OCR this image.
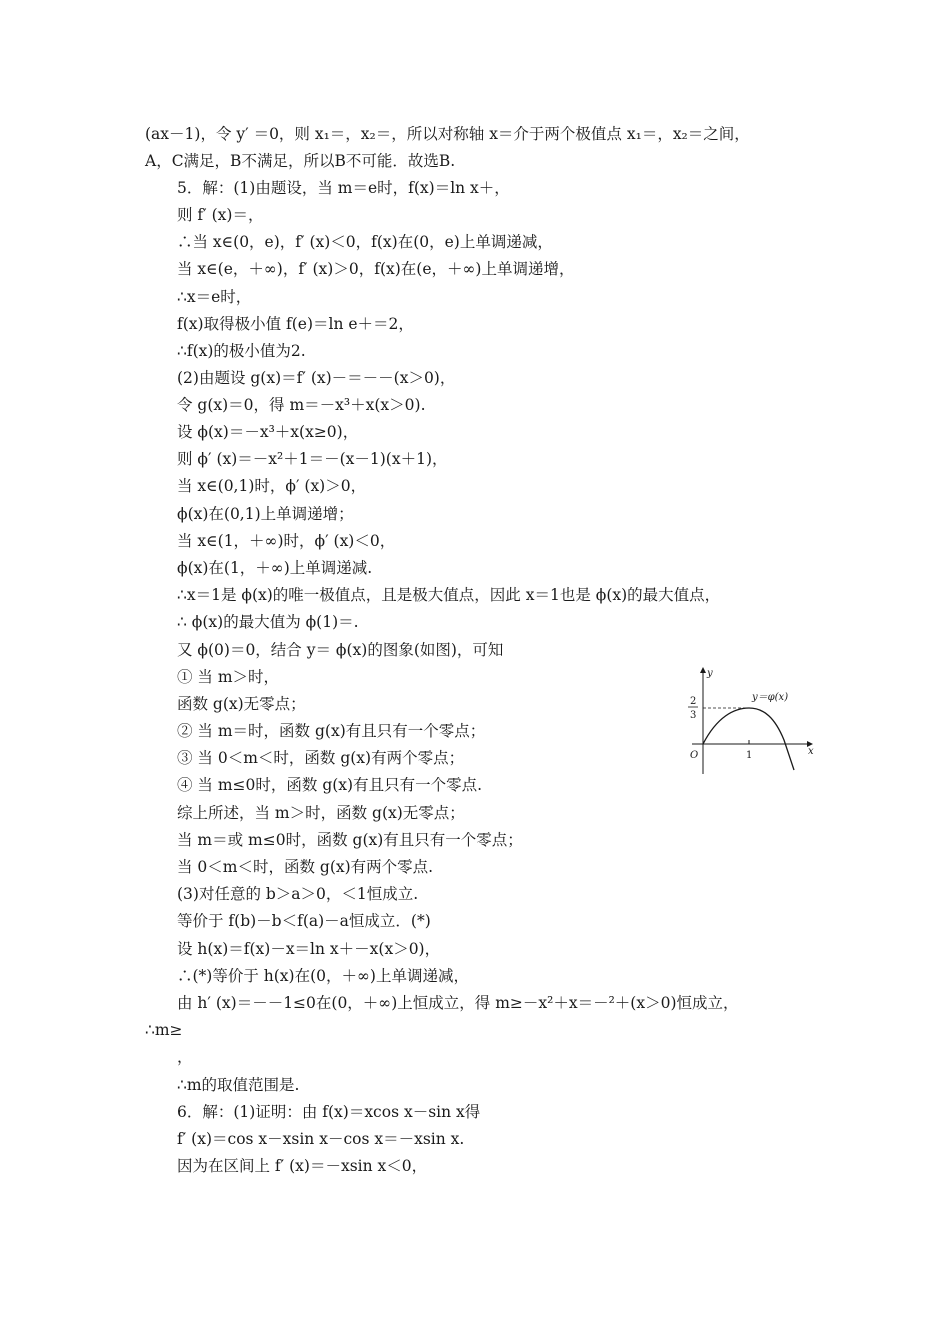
(ax－1)，令 y′ ＝0，则 x₁＝，x₂＝，所以对称轴 x＝介于两个极值点 x₁＝，x₂＝之间，
A，C满足，B不满足，所以B不可能．故选B.
5．解：(1)由题设，当 m＝e时，f(x)＝ln x＋，
则 f′ (x)＝，
∴当 x∈(0，e)，f′ (x)＜0，f(x)在(0，e)上单调递减，
当 x∈(e，＋∞)，f′ (x)＞0，f(x)在(e，＋∞)上单调递增，
∴x＝e时，
f(x)取得极小值 f(e)＝ln e＋＝2，
∴f(x)的极小值为2.
(2)由题设 g(x)＝f′ (x)－＝－－(x＞0)，
令 g(x)＝0，得 m＝－x³＋x(x＞0).
设 ϕ(x)＝－x³＋x(x≥0)，
则 ϕ′ (x)＝－x²＋1＝－(x－1)(x＋1)，
当 x∈(0,1)时，ϕ′ (x)＞0，
ϕ(x)在(0,1)上单调递增；
当 x∈(1，＋∞)时，ϕ′ (x)＜0，
ϕ(x)在(1，＋∞)上单调递减.
∴x＝1是 ϕ(x)的唯一极值点，且是极大值点，因此 x＝1也是 ϕ(x)的最大值点，
∴ ϕ(x)的最大值为 ϕ(1)＝.
又 ϕ(0)＝0，结合 y＝ ϕ(x)的图象(如图)，可知
① 当 m＞时，
函数 g(x)无零点；
② 当 m＝时，函数 g(x)有且只有一个零点；
③ 当 0＜m＜时，函数 g(x)有两个零点；
④ 当 m≤0时，函数 g(x)有且只有一个零点.
综上所述，当 m＞时，函数 g(x)无零点；
当 m＝或 m≤0时，函数 g(x)有且只有一个零点；
当 0＜m＜时，函数 g(x)有两个零点.
(3)对任意的 b＞a＞0，＜1恒成立.
等价于 f(b)－b＜f(a)－a恒成立．(*)
设 h(x)＝f(x)－x＝ln x＋－x(x＞0)，
∴(*)等价于 h(x)在(0，＋∞)上单调递减，
由 h′ (x)＝－－1≤0在(0，＋∞)上恒成立，得 m≥－x²＋x＝－²＋(x＞0)恒成立，
∴m≥
，
∴m的取值范围是.
6．解：(1)证明：由 f(x)＝xcos x－sin x得
f′ (x)＝cos x－xsin x－cos x＝－xsin x.
因为在区间上 f′ (x)＝－xsin x＜0，
y
x
O	1
2
3
y＝φ(x)
